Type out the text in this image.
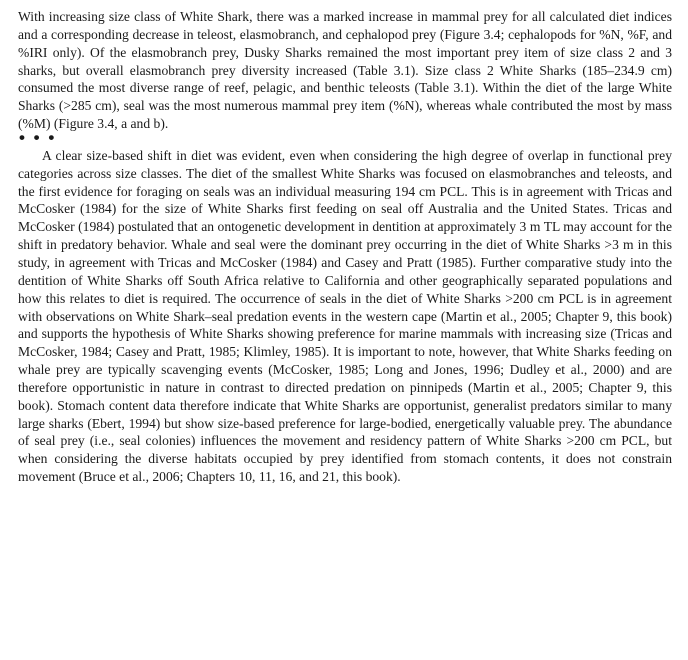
With increasing size class of White Shark, there was a marked increase in mammal prey for all calculated diet indices and a corresponding decrease in teleost, elasmobranch, and cephalopod prey (Figure 3.4; cephalopods for %N, %F, and %IRI only). Of the elasmobranch prey, Dusky Sharks remained the most important prey item of size class 2 and 3 sharks, but overall elasmobranch prey diversity increased (Table 3.1). Size class 2 White Sharks (185–234.9 cm) consumed the most diverse range of reef, pelagic, and benthic teleosts (Table 3.1). Within the diet of the large White Sharks (>285 cm), seal was the most numerous mammal prey item (%N), whereas whale contributed the most by mass (%M) (Figure 3.4, a and b).

• • •

A clear size-based shift in diet was evident, even when considering the high degree of overlap in functional prey categories across size classes. The diet of the smallest White Sharks was focused on elasmobranches and teleosts, and the first evidence for foraging on seals was an individual measuring 194 cm PCL. This is in agreement with Tricas and McCosker (1984) for the size of White Sharks first feeding on seal off Australia and the United States. Tricas and McCosker (1984) postulated that an ontogenetic development in dentition at approximately 3 m TL may account for the shift in predatory behavior. Whale and seal were the dominant prey occurring in the diet of White Sharks >3 m in this study, in agreement with Tricas and McCosker (1984) and Casey and Pratt (1985). Further comparative study into the dentition of White Sharks off South Africa relative to California and other geographically separated populations and how this relates to diet is required. The occurrence of seals in the diet of White Sharks >200 cm PCL is in agreement with observations on White Shark–seal predation events in the western cape (Martin et al., 2005; Chapter 9, this book) and supports the hypothesis of White Sharks showing preference for marine mammals with increasing size (Tricas and McCosker, 1984; Casey and Pratt, 1985; Klimley, 1985). It is important to note, however, that White Sharks feeding on whale prey are typically scavenging events (McCosker, 1985; Long and Jones, 1996; Dudley et al., 2000) and are therefore opportunistic in nature in contrast to directed predation on pinnipeds (Martin et al., 2005; Chapter 9, this book). Stomach content data therefore indicate that White Sharks are opportunist, generalist predators similar to many large sharks (Ebert, 1994) but show size-based preference for large-bodied, energetically valuable prey. The abundance of seal prey (i.e., seal colonies) influences the movement and residency pattern of White Sharks >200 cm PCL, but when considering the diverse habitats occupied by prey identified from stomach contents, it does not constrain movement (Bruce et al., 2006; Chapters 10, 11, 16, and 21, this book).
